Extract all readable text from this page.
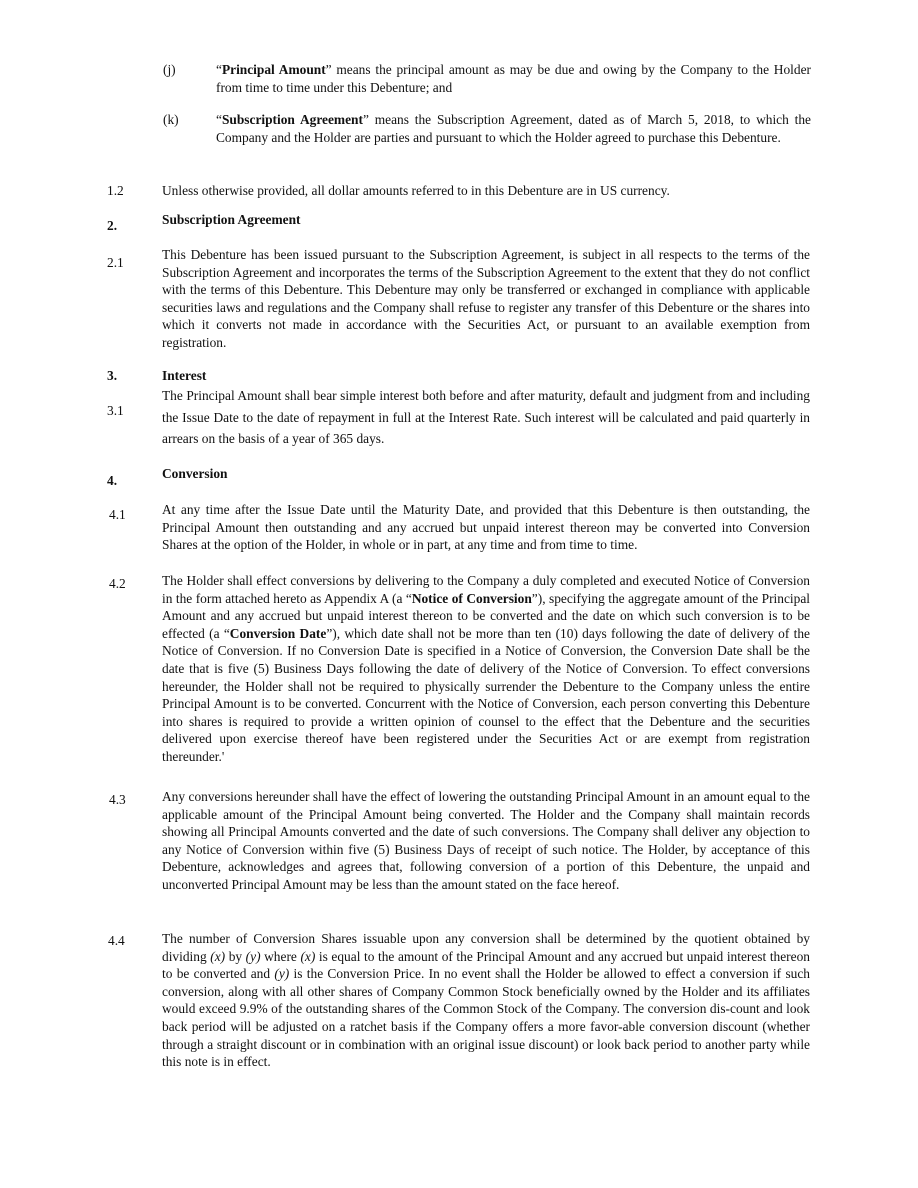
(j)	“Principal Amount” means the principal amount as may be due and owing by the Company to the Holder from time to time under this Debenture; and
(k)	“Subscription Agreement” means the Subscription Agreement, dated as of March 5, 2018, to which the Company and the Holder are parties and pursuant to which the Holder agreed to purchase this Debenture.
1.2	Unless otherwise provided, all dollar amounts referred to in this Debenture are in US currency.
2.	Subscription Agreement
2.1
This Debenture has been issued pursuant to the Subscription Agreement, is subject in all respects to the terms of the Subscription Agreement and incorporates the terms of the Subscription Agreement to the extent that they do not conflict with the terms of this Debenture. This Debenture may only be transferred or exchanged in compliance with applicable securities laws and regulations and the Company shall refuse to register any transfer of this Debenture or the shares into which it converts not made in accordance with the Securities Act, or pursuant to an available exemption from registration.
3.	Interest
3.1
The Principal Amount shall bear simple interest both before and after maturity, default and judgment from and including the Issue Date to the date of repayment in full at the Interest Rate. Such interest will be calculated and paid quarterly in arrears on the basis of a year of 365 days.
4.	Conversion
4.1	At any time after the Issue Date until the Maturity Date, and provided that this Debenture is then outstanding, the Principal Amount then outstanding and any accrued but unpaid interest thereon may be converted into Conversion Shares at the option of the Holder, in whole or in part, at any time and from time to time.
4.2	The Holder shall effect conversions by delivering to the Company a duly completed and executed Notice of Conversion in the form attached hereto as Appendix A (a “Notice of Conversion”), specifying the aggregate amount of the Principal Amount and any accrued but unpaid interest thereon to be converted and the date on which such conversion is to be effected (a “Conversion Date”), which date shall not be more than ten (10) days following the date of delivery of the Notice of Conversion. If no Conversion Date is specified in a Notice of Conversion, the Conversion Date shall be the date that is five (5) Business Days following the date of delivery of the Notice of Conversion. To effect conversions hereunder, the Holder shall not be required to physically surrender the Debenture to the Company unless the entire Principal Amount is to be converted. Concurrent with the Notice of Conversion, each person converting this Debenture into shares is required to provide a written opinion of counsel to the effect that the Debenture and the securities delivered upon exercise thereof have been registered under the Securities Act or are exempt from registration thereunder.'
4.3	Any conversions hereunder shall have the effect of lowering the outstanding Principal Amount in an amount equal to the applicable amount of the Principal Amount being converted. The Holder and the Company shall maintain records showing all Principal Amounts converted and the date of such conversions. The Company shall deliver any objection to any Notice of Conversion within five (5) Business Days of receipt of such notice. The Holder, by acceptance of this Debenture, acknowledges and agrees that, following conversion of a portion of this Debenture, the unpaid and unconverted Principal Amount may be less than the amount stated on the face hereof.
4.4	The number of Conversion Shares issuable upon any conversion shall be determined by the quotient obtained by dividing (x) by (y) where (x) is equal to the amount of the Principal Amount and any accrued but unpaid interest thereon to be converted and (y) is the Conversion Price. In no event shall the Holder be allowed to effect a conversion if such conversion, along with all other shares of Company Common Stock beneficially owned by the Holder and its affiliates would exceed 9.9% of the outstanding shares of the Common Stock of the Company. The conversion dis-count and look back period will be adjusted on a ratchet basis if the Company offers a more favor-able conversion discount (whether through a straight discount or in combination with an original issue discount) or look back period to another party while this note is in effect.
